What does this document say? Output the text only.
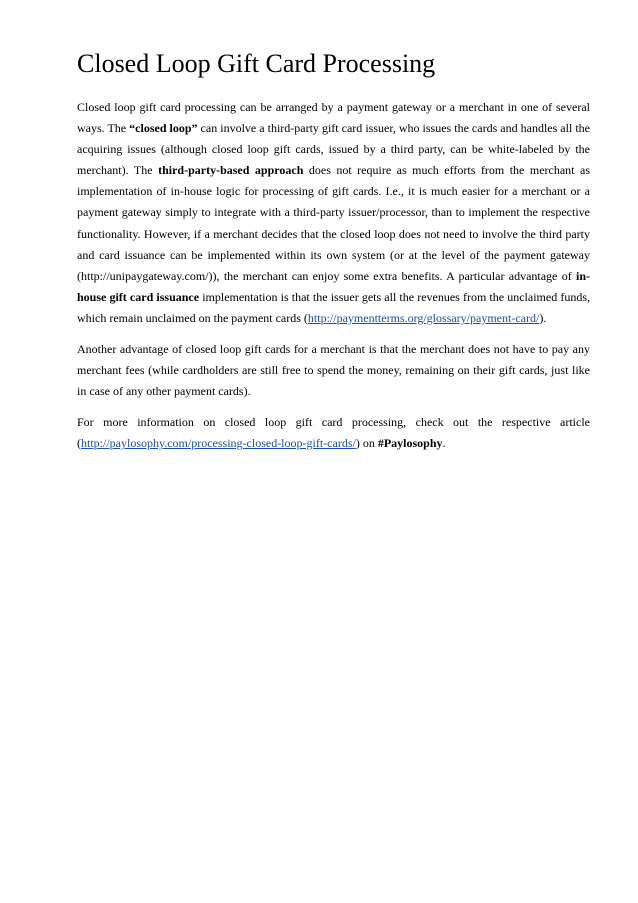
Closed Loop Gift Card Processing

Closed loop gift card processing can be arranged by a payment gateway or a merchant in one of several ways. The “closed loop” can involve a third-party gift card issuer, who issues the cards and handles all the acquiring issues (although closed loop gift cards, issued by a third party, can be white-labeled by the merchant). The third-party-based approach does not require as much efforts from the merchant as implementation of in-house logic for processing of gift cards. I.e., it is much easier for a merchant or a payment gateway simply to integrate with a third-party issuer/processor, than to implement the respective functionality. However, if a merchant decides that the closed loop does not need to involve the third party and card issuance can be implemented within its own system (or at the level of the payment gateway (http://unipaygateway.com/)), the merchant can enjoy some extra benefits. A particular advantage of in-house gift card issuance implementation is that the issuer gets all the revenues from the unclaimed funds, which remain unclaimed on the payment cards (http://paymentterms.org/glossary/payment-card/).

Another advantage of closed loop gift cards for a merchant is that the merchant does not have to pay any merchant fees (while cardholders are still free to spend the money, remaining on their gift cards, just like in case of any other payment cards).

For more information on closed loop gift card processing, check out the respective article (http://paylosophy.com/processing-closed-loop-gift-cards/) on #Paylosophy.
